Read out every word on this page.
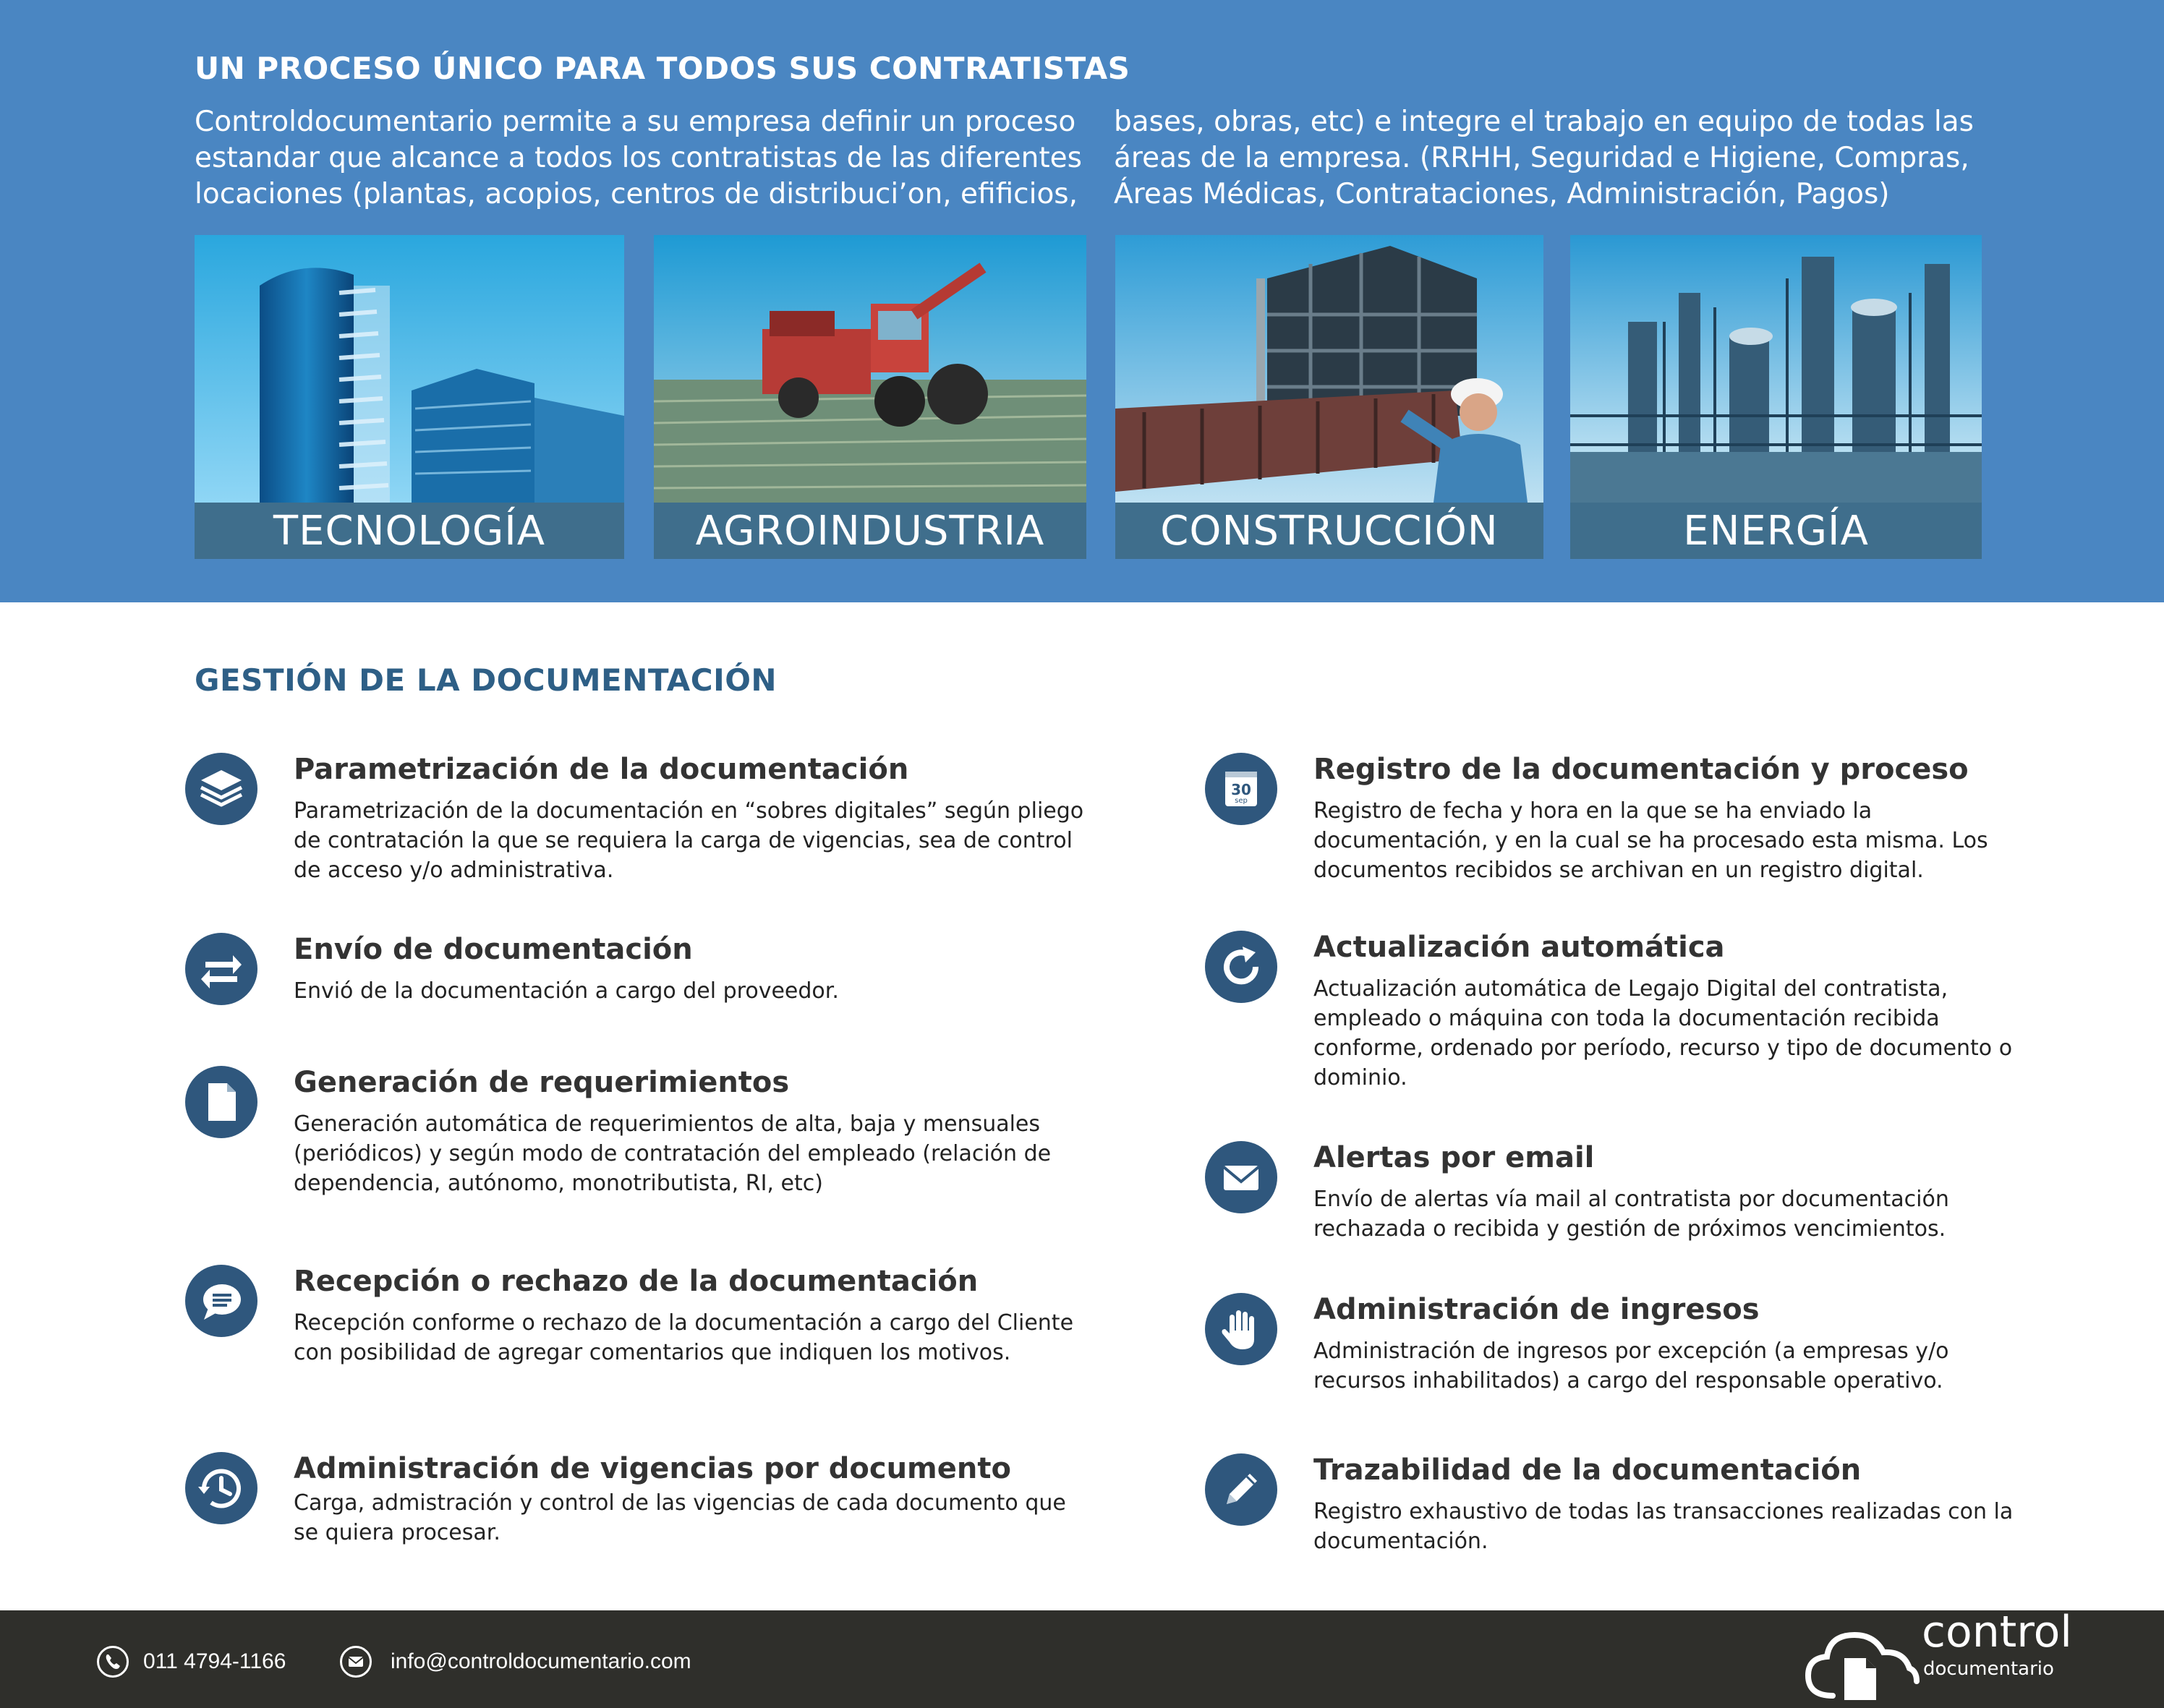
UN PROCESO ÚNICO PARA TODOS SUS CONTRATISTAS
Controldocumentario permite a su empresa definir un proceso estandar que alcance a todos los contratistas de las diferentes locaciones (plantas, acopios, centros de distribuci’on, efificios,
bases, obras, etc) e integre el trabajo en equipo de todas las áreas de la empresa. (RRHH, Seguridad e Higiene, Compras, Áreas Médicas, Contrataciones, Administración, Pagos)
TECNOLOGÍA	AGROINDUSTRIA	CONSTRUCCIÓN	ENERGÍA
GESTIÓN DE LA DOCUMENTACIÓN
Parametrización de la documentación
Parametrización de la documentación en “sobres digitales” según pliego de contratación la que se requiera la carga de vigencias, sea de control de acceso y/o administrativa.
Envío de documentación
Envió de la documentación a cargo del proveedor.
Generación de requerimientos
Generación automática de requerimientos de alta, baja y mensuales (periódicos) y según modo de contratación del empleado (relación de dependencia, autónomo, monotributista, RI, etc)
Recepción o rechazo de la documentación
Recepción conforme o rechazo de la documentación a cargo del Cliente con posibilidad de agregar comentarios que indiquen los motivos.
Administración de vigencias por documento
Carga, admistración y control de las vigencias de cada documento que se quiera procesar.
30
sep
Registro de la documentación y proceso
Registro de fecha y hora en la que se ha enviado la documentación, y en la cual se ha procesado esta misma. Los documentos recibidos se archivan en un registro digital.
Actualización automática
Actualización automática de Legajo Digital del contratista, empleado o máquina con toda la documentación recibida conforme, ordenado por período, recurso y tipo de documento o dominio.
Alertas por email
Envío de alertas vía mail al contratista por documentación rechazada o recibida y gestión de próximos vencimientos.
Administración de ingresos
Administración de ingresos por excepción (a empresas y/o recursos inhabilitados) a cargo del responsable operativo.
Trazabilidad de la documentación
Registro exhaustivo de todas las transacciones realizadas con la documentación.
011 4794-1166	info@controldocumentario.com
control
documentario
